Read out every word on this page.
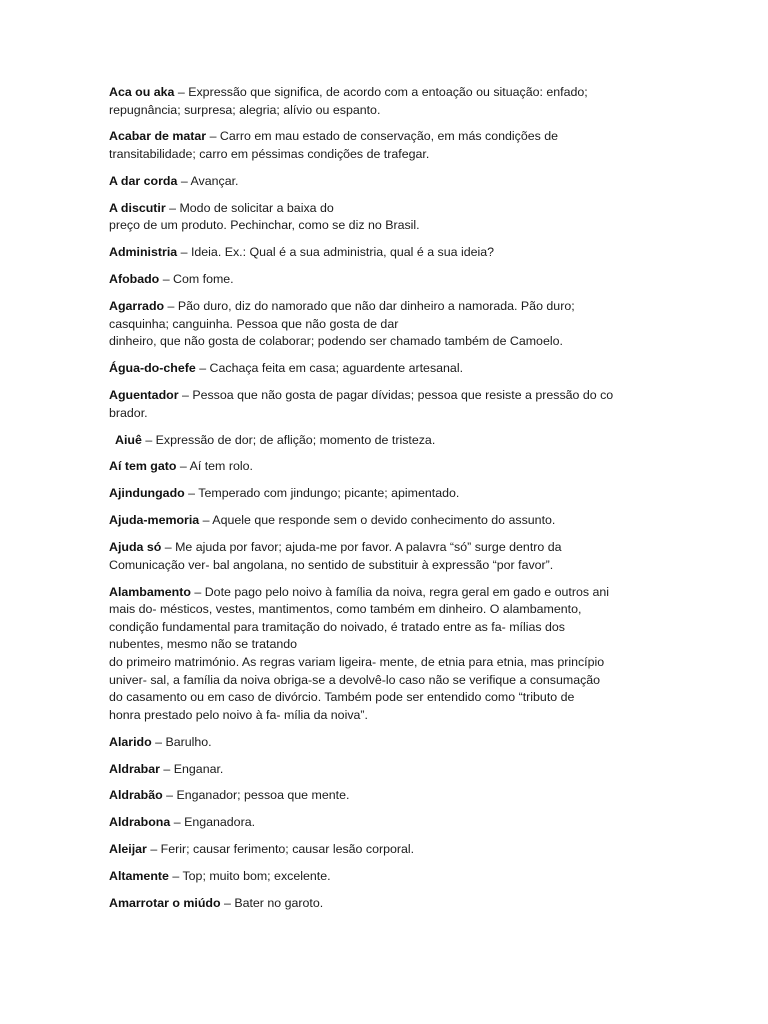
Aca ou aka – Expressão que significa, de acordo com a entoação ou situação: enfado;
repugnância; surpresa; alegria; alívio ou espanto.

Acabar de matar – Carro em mau estado de conservação, em más condições de
transitabilidade; carro em péssimas condições de trafegar.

A dar corda – Avançar.

A discutir – Modo de solicitar a baixa do
preço de um produto. Pechinchar, como se diz no Brasil.

Administria – Ideia. Ex.: Qual é a sua administria, qual é a sua ideia?

Afobado – Com fome.

Agarrado – Pão duro, diz do namorado que não dar dinheiro a namorada. Pão duro;
casquinha; canguinha. Pessoa que não gosta de dar
dinheiro, que não gosta de colaborar; podendo ser chamado também de Camoelo.

Água-do-chefe – Cachaça feita em casa; aguardente artesanal.

Aguentador – Pessoa que não gosta de pagar dívidas; pessoa que resiste a pressão do co
brador.

Aiuê – Expressão de dor; de aflição; momento de tristeza.

Aí tem gato – Aí tem rolo.

Ajindungado – Temperado com jindungo; picante; apimentado.

Ajuda-memoria – Aquele que responde sem o devido conhecimento do assunto.

Ajuda só – Me ajuda por favor; ajuda-me por favor. A palavra “só” surge dentro da
Comunicação ver- bal angolana, no sentido de substituir à expressão “por favor”.

Alambamento – Dote pago pelo noivo à família da noiva, regra geral em gado e outros ani
mais do- mésticos, vestes, mantimentos, como também em dinheiro. O alambamento,
condição fundamental para tramitação do noivado, é tratado entre as fa- mílias dos
nubentes, mesmo não se tratando
do primeiro matrimónio. As regras variam ligeira- mente, de etnia para etnia, mas princípio
univer- sal, a família da noiva obriga-se a devolvê-lo caso não se verifique a consumação
do casamento ou em caso de divórcio. Também pode ser entendido como “tributo de
honra prestado pelo noivo à fa- mília da noiva”.

Alarido – Barulho.

Aldrabar – Enganar.

Aldrabão – Enganador; pessoa que mente.

Aldrabona – Enganadora.

Aleijar – Ferir; causar ferimento; causar lesão corporal.

Altamente – Top; muito bom; excelente.

Amarrotar o miúdo – Bater no garoto.
